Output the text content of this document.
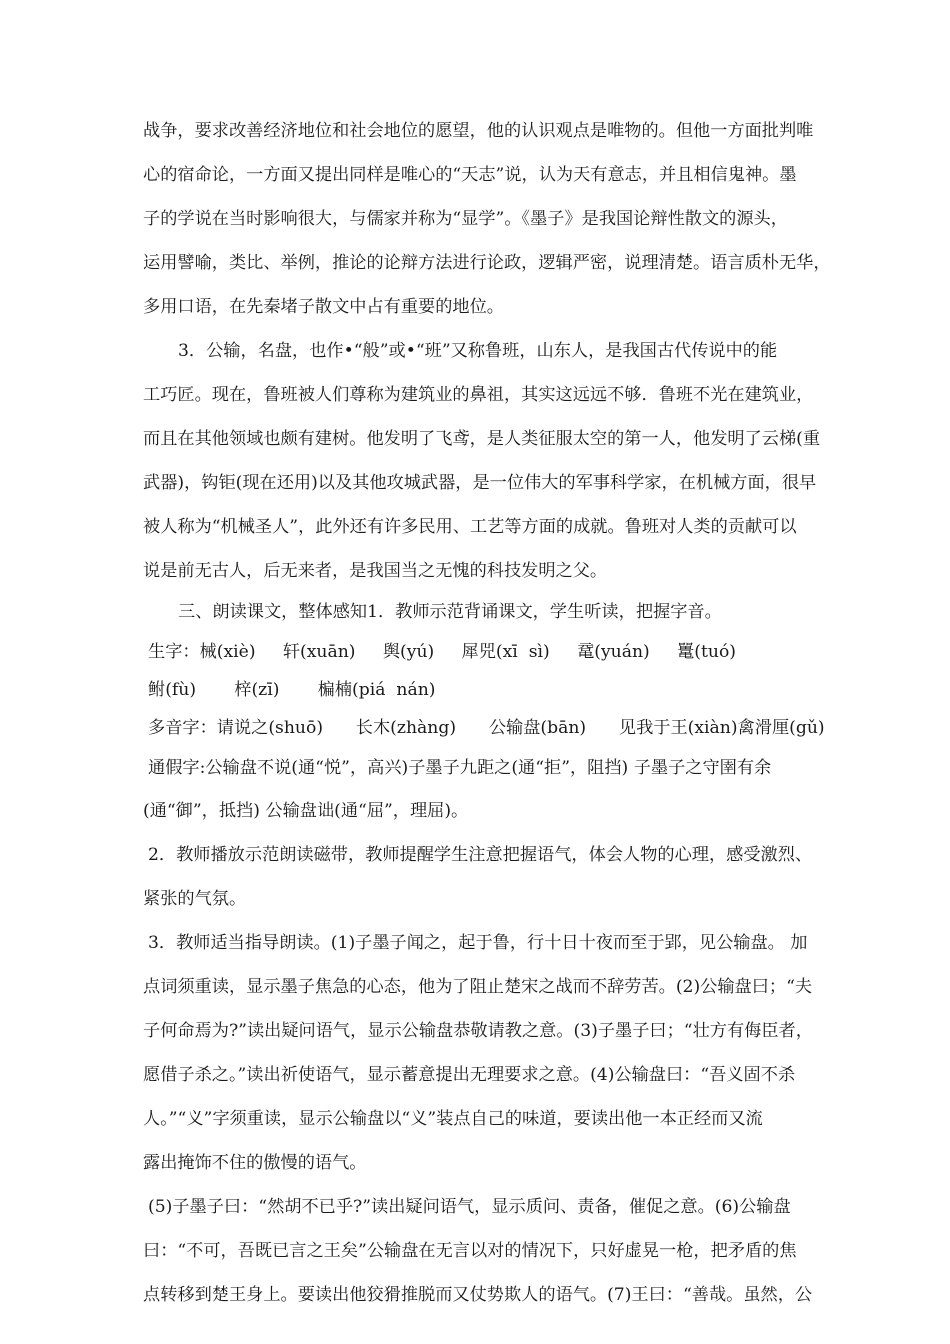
战争，要求改善经济地位和社会地位的愿望，他的认识观点是唯物的。但他一方面批判唯
心的宿命论，一方面又提出同样是唯心的“天志”说，认为天有意志，并且相信鬼神。墨
子的学说在当时影响很大，与儒家并称为“显学”。《墨子》是我国论辩性散文的源头，
运用譬喻，类比、举例，推论的论辩方法进行论政，逻辑严密，说理清楚。语言质朴无华，
多用口语，在先秦堵子散文中占有重要的地位。
3．公输，名盘，也作•“般”或•“班”又称鲁班，山东人，是我国古代传说中的能
工巧匠。现在，鲁班被人们尊称为建筑业的鼻祖，其实这远远不够．鲁班不光在建筑业，
而且在其他领域也颇有建树。他发明了飞鸢，是人类征服太空的第一人，他发明了云梯(重
武器)，钩钜(现在还用)以及其他攻城武器，是一位伟大的军事科学家，在机械方面，很早
被人称为“机械圣人”，此外还有许多民用、工艺等方面的成就。鲁班对人类的贡献可以
说是前无古人，后无来者，是我国当之无愧的科技发明之父。
三、朗读课文，整体感知1．教师示范背诵课文，学生听读，把握字音。
生字：械(xiè)     轩(xuān)     舆(yú)     犀兕(xī  sì)     鼋(yuán)     鼍(tuó)
鲋(fù)       梓(zī)       楄楠(piá  nán)
多音字：请说之(shuō)      长木(zhàng)      公输盘(bān)      见我于王(xiàn)禽滑厘(gǔ)
通假字:公输盘不说(通“悦”，高兴)子墨子九距之(通“拒”，阻挡) 子墨子之守圉有余
(通“御”，抵挡) 公输盘诎(通“屈”，理屈)。
2．教师播放示范朗读磁带，教师提醒学生注意把握语气，体会人物的心理，感受激烈、
紧张的气氛。
3．教师适当指导朗读。(1)子墨子闻之，起于鲁，行十日十夜而至于郢，见公输盘。 加
点词须重读，显示墨子焦急的心态，他为了阻止楚宋之战而不辞劳苦。(2)公输盘曰；“夫
子何命焉为?”读出疑问语气，显示公输盘恭敬请教之意。(3)子墨子曰；“壮方有侮臣者，
愿借子杀之。”读出祈使语气，显示蓄意提出无理要求之意。(4)公输盘曰：“吾义固不杀
人。”“义”字须重读，显示公输盘以“义”装点自己的味道，要读出他一本正经而又流
露出掩饰不住的傲慢的语气。
(5)子墨子曰：“然胡不已乎?”读出疑问语气，显示质问、责备，催促之意。(6)公输盘
曰：“不可，吾既已言之王矣”公输盘在无言以对的情况下，只好虚晃一枪，把矛盾的焦
点转移到楚王身上。要读出他狡猾推脱而又仗势欺人的语气。(7)王曰：“善哉。虽然，公
